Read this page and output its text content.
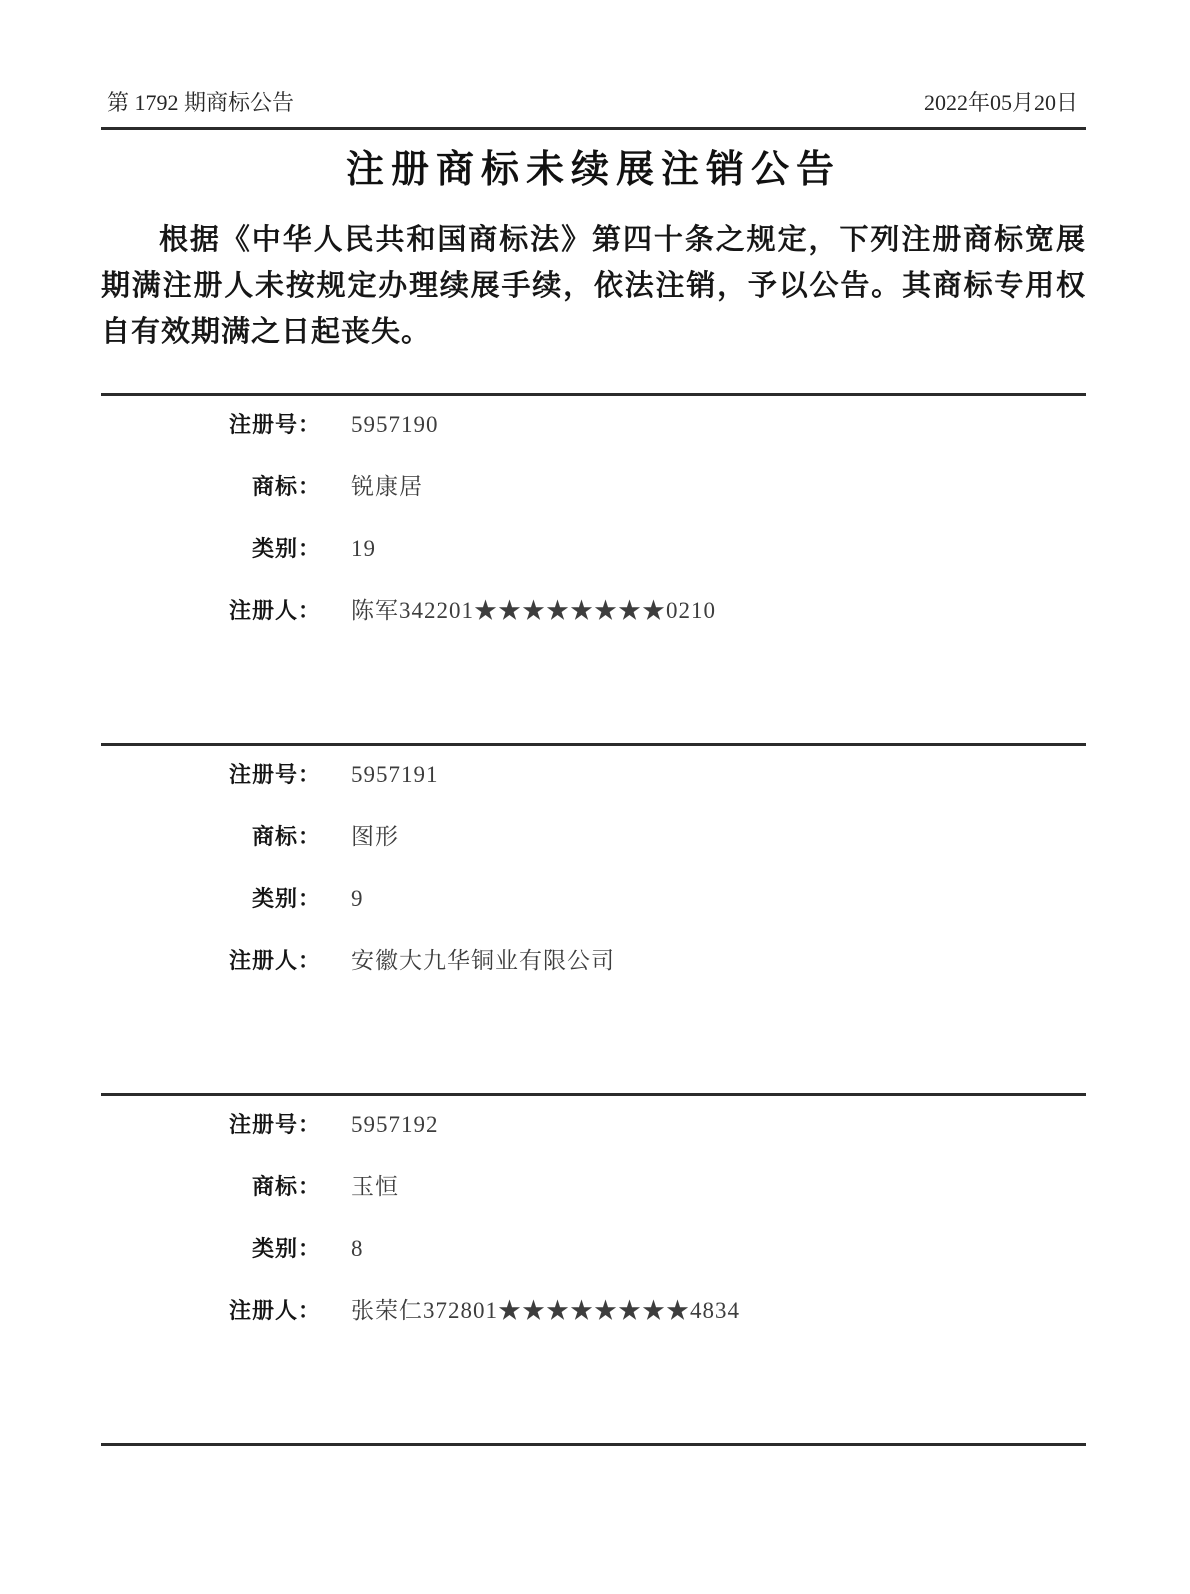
第 1792 期商标公告	2022年05月20日
注册商标未续展注销公告

根据《中华人民共和国商标法》第四十条之规定，下列注册商标宽展期满注册人未按规定办理续展手续，依法注销，予以公告。其商标专用权自有效期满之日起丧失。

注册号： 5957190
商标： 锐康居
类别： 19
注册人： 陈军342201★★★★★★★★0210
注册号： 5957191
商标： 图形
类别： 9
注册人： 安徽大九华铜业有限公司
注册号： 5957192
商标： 玉恒
类别： 8
注册人： 张荣仁372801★★★★★★★★4834
